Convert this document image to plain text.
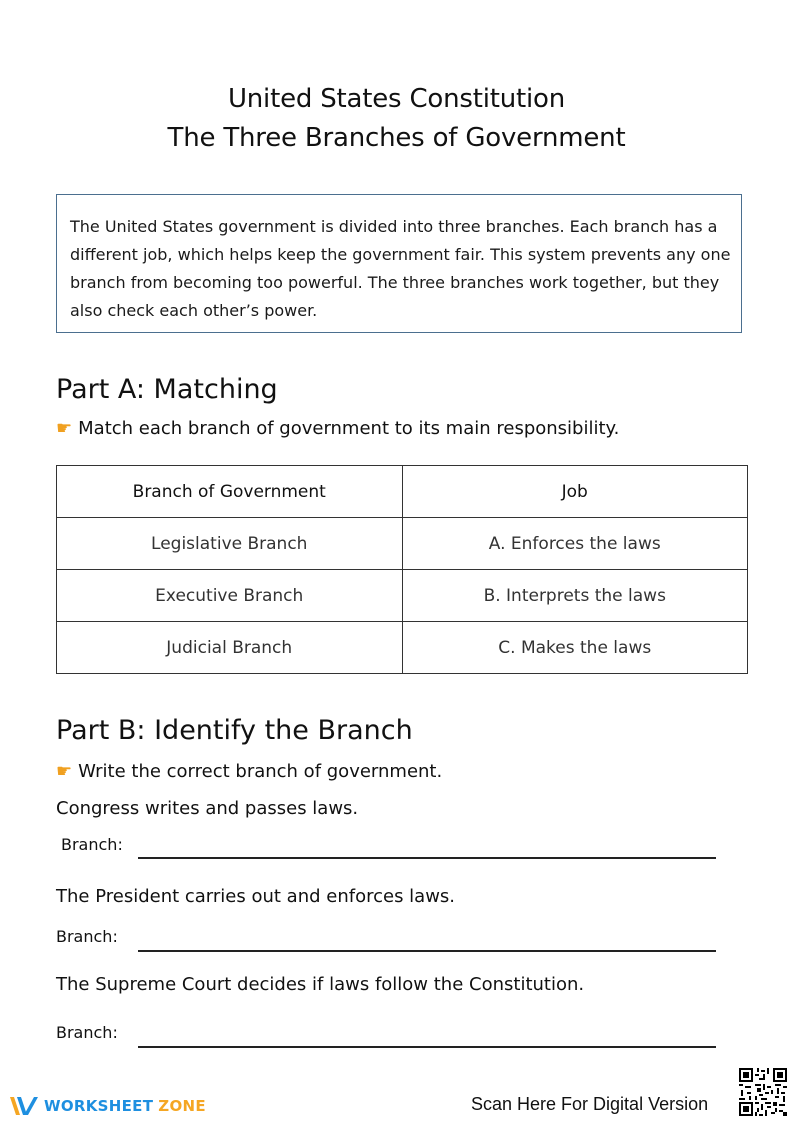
United States Constitution
The Three Branches of Government
The United States government is divided into three branches. Each branch has a different job, which helps keep the government fair. This system prevents any one branch from becoming too powerful. The three branches work together, but they also check each other’s power.
Part A: Matching
☛ Match each branch of government to its main responsibility.
Branch of Government	Job
Legislative Branch	A. Enforces the laws
Executive Branch	B. Interprets the laws
Judicial Branch	C. Makes the laws
Part B: Identify the Branch
☛ Write the correct branch of government.
Congress writes and passes laws.
Branch:
The President carries out and enforces laws.
Branch:
The Supreme Court decides if laws follow the Constitution.
Branch:
WORKSHEET ZONE	Scan Here For Digital Version
